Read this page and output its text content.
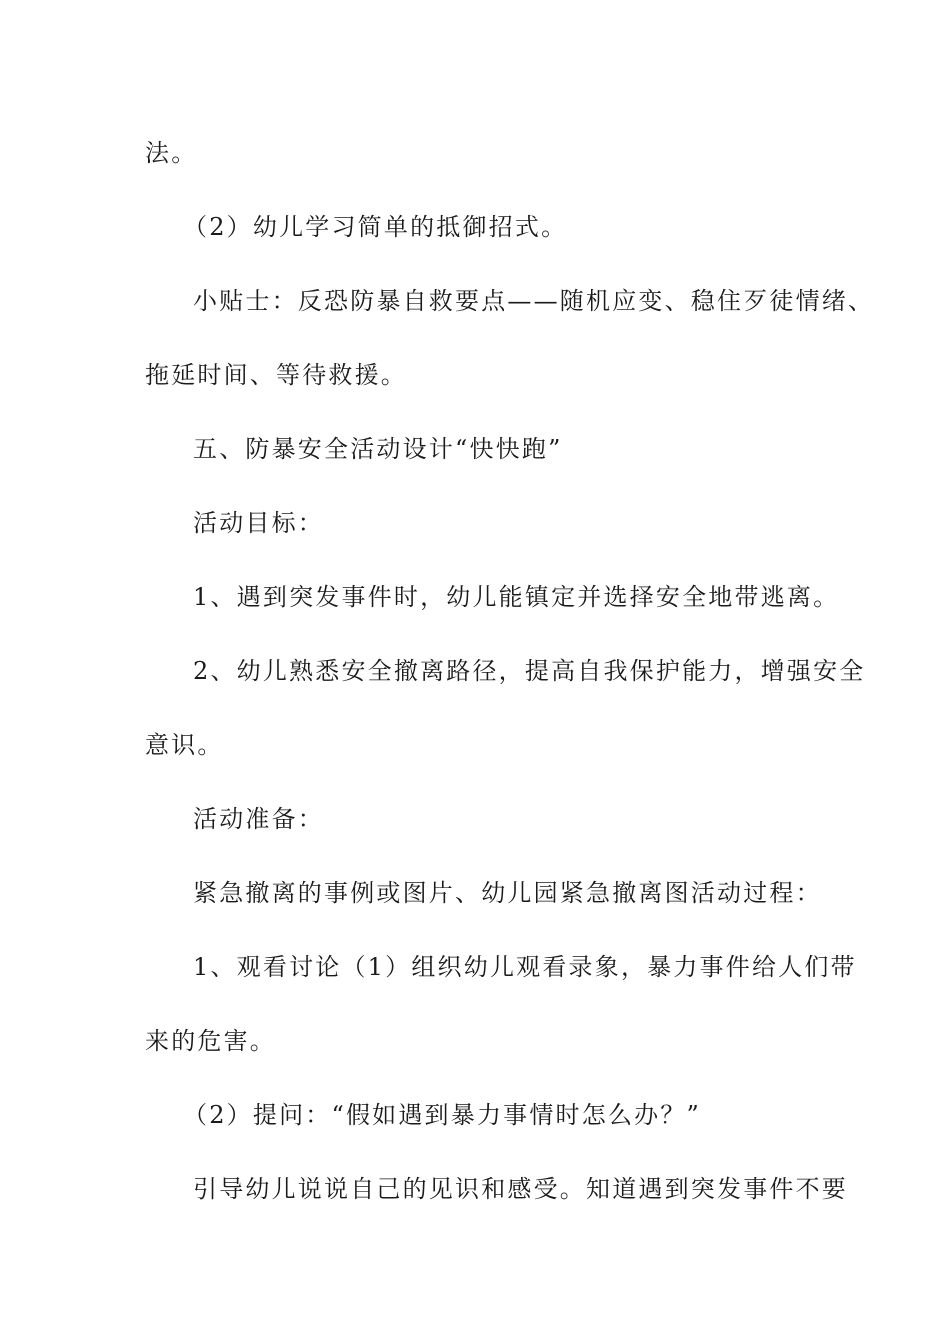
法。

（2）幼儿学习简单的抵御招式。

小贴士：反恐防暴自救要点——随机应变、稳住歹徒情绪、

拖延时间、等待救援。

五、防暴安全活动设计“快快跑”

活动目标：

1、遇到突发事件时，幼儿能镇定并选择安全地带逃离。

2、幼儿熟悉安全撤离路径，提高自我保护能力，增强安全

意识。

活动准备：

紧急撤离的事例或图片、幼儿园紧急撤离图活动过程：

1、观看讨论（1）组织幼儿观看录象，暴力事件给人们带

来的危害。

（2）提问：“假如遇到暴力事情时怎么办？”

引导幼儿说说自己的见识和感受。知道遇到突发事件不要
